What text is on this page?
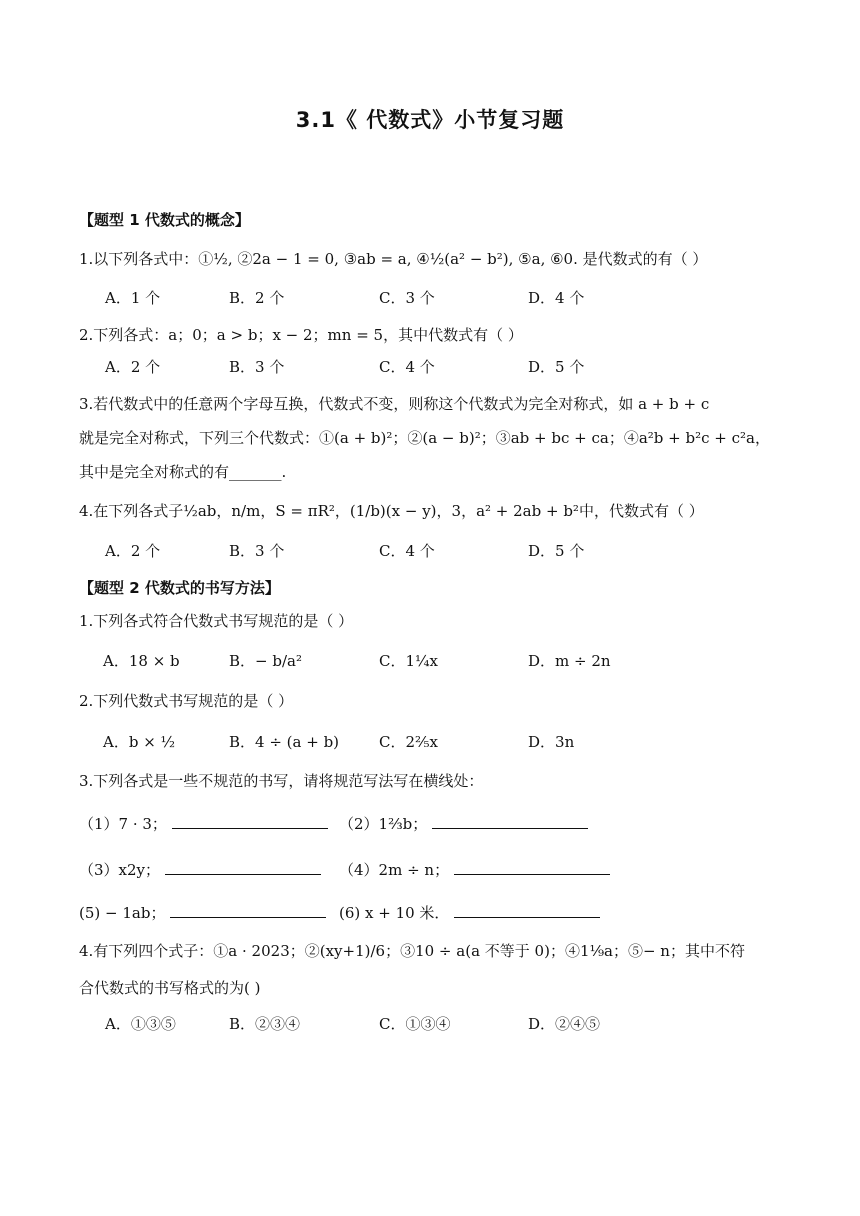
3.1《 代数式》小节复习题
【题型 1 代数式的概念】
1.以下列各式中：①½, ②2a − 1 = 0, ③ab = a, ④½(a² − b²), ⑤a, ⑥0. 是代数式的有（ ）
A．1 个	B．2 个	C．3 个	D．4 个
2.下列各式：a；0；a > b；x − 2；mn = 5，其中代数式有（ ）
A．2 个	B．3 个	C．4 个	D．5 个
3.若代数式中的任意两个字母互换，代数式不变，则称这个代数式为完全对称式，如 a + b + c
就是完全对称式，下列三个代数式：①(a + b)²；②(a − b)²；③ab + bc + ca；④a²b + b²c + c²a，
其中是完全对称式的有_______.
4.在下列各式子½ab，n/m，S = πR²，(1/b)(x − y)，3，a² + 2ab + b²中，代数式有（ ）
A．2 个	B．3 个	C．4 个	D．5 个
【题型 2 代数式的书写方法】
1.下列各式符合代数式书写规范的是（ ）
A．18 × b	B．− b/a²	C．1¼x	D．m ÷ 2n
2.下列代数式书写规范的是（ ）
A．b × ½	B．4 ÷ (a + b)	C．2⅖x	D．3n
3.下列各式是一些不规范的书写，请将规范写法写在横线处：
（1）7 · 3；	（2）1⅔b；
（3）x2y；	（4）2m ÷ n；
(5) − 1ab；	(6) x + 10 米．
4.有下列四个式子：①a · 2023；②(xy+1)/6；③10 ÷ a(a 不等于 0)；④1⅑a；⑤− n；其中不符
合代数式的书写格式的为( )
A．①③⑤	B．②③④	C．①③④	D．②④⑤
